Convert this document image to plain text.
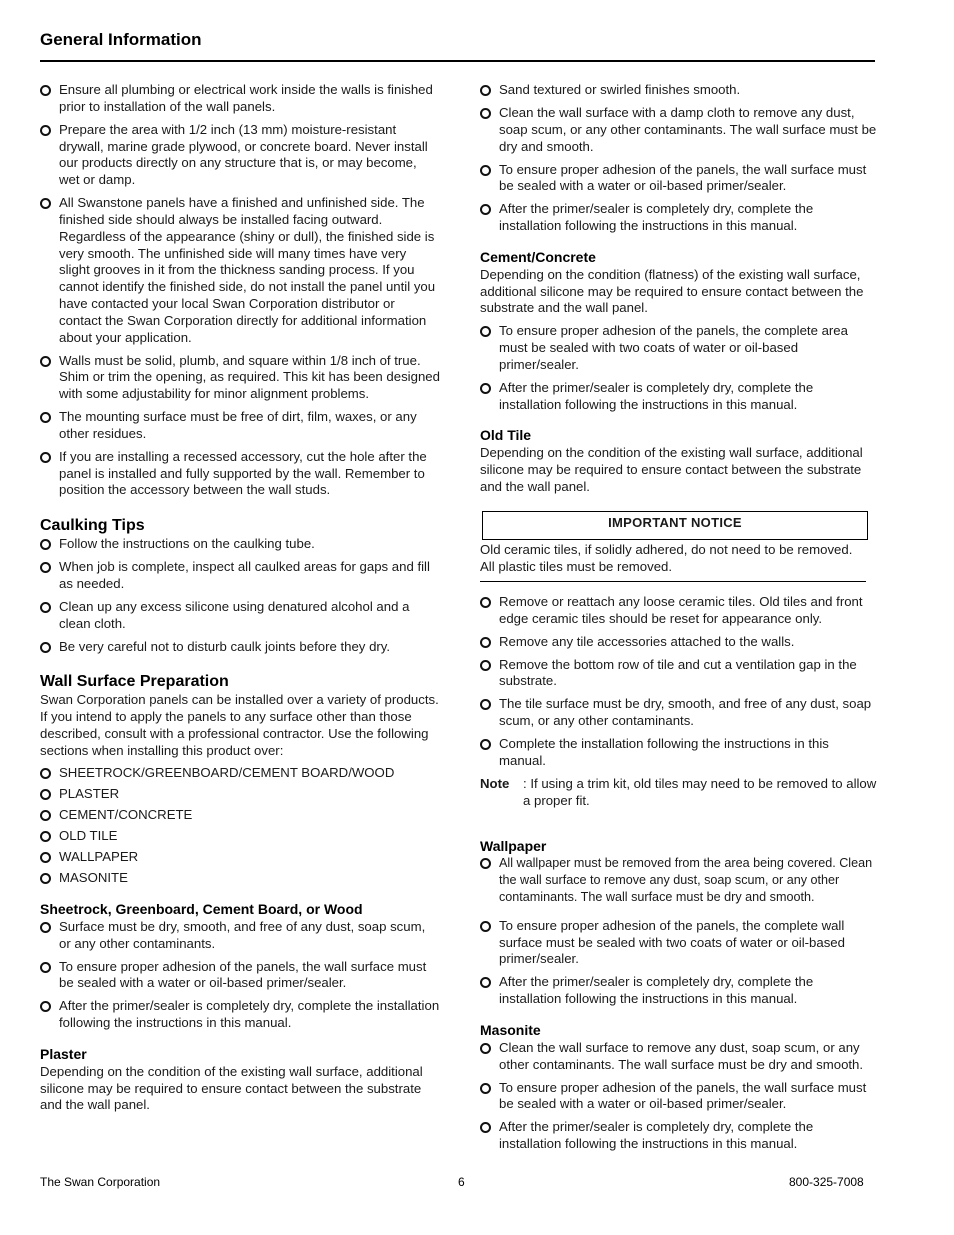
General Information
Ensure all plumbing or electrical work inside the walls is finished prior to installation of the wall panels.
Prepare the area with 1/2 inch (13 mm) moisture-resistant drywall, marine grade plywood, or concrete board. Never install our products directly on any structure that is, or may become, wet or damp.
All Swanstone panels have a finished and unfinished side. The finished side should always be installed facing outward. Regardless of the appearance (shiny or dull), the finished side is very smooth. The unfinished side will many times have very slight grooves in it from the thickness sanding process. If you cannot identify the finished side, do not install the panel until you have contacted your local Swan Corporation distributor or contact the Swan Corporation directly for additional information about your application.
Walls must be solid, plumb, and square within 1/8 inch of true. Shim or trim the opening, as required. This kit has been designed with some adjustability for minor alignment problems.
The mounting surface must be free of dirt, film, waxes, or any other residues.
If you are installing a recessed accessory, cut the hole after the panel is installed and fully supported by the wall. Remember to position the accessory between the wall studs.
Caulking Tips
Follow the instructions on the caulking tube.
When job is complete, inspect all caulked areas for gaps and fill as needed.
Clean up any excess silicone using denatured alcohol and a clean cloth.
Be very careful not to disturb caulk joints before they dry.
Wall Surface Preparation

Swan Corporation panels can be installed over a variety of products. If you intend to apply the panels to any surface other than those described, consult with a professional contractor. Use the following sections when installing this product over:

SHEETROCK/GREENBOARD/CEMENT BOARD/WOOD
PLASTER
CEMENT/CONCRETE
OLD TILE
WALLPAPER
MASONITE
Sheetrock, Greenboard, Cement Board, or Wood
Surface must be dry, smooth, and free of any dust, soap scum, or any other contaminants.
To ensure proper adhesion of the panels, the wall surface must be sealed with a water or oil-based primer/sealer.
After the primer/sealer is completely dry, complete the installation following the instructions in this manual.
Plaster

Depending on the condition of the existing wall surface, additional silicone may be required to ensure contact between the substrate and the wall panel.

Sand textured or swirled finishes smooth.
Clean the wall surface with a damp cloth to remove any dust, soap scum, or any other contaminants. The wall surface must be dry and smooth.
To ensure proper adhesion of the panels, the wall surface must be sealed with a water or oil-based primer/sealer.
After the primer/sealer is completely dry, complete the installation following the instructions in this manual.
Cement/Concrete

Depending on the condition (flatness) of the existing wall surface, additional silicone may be required to ensure contact between the substrate and the wall panel.

To ensure proper adhesion of the panels, the complete area must be sealed with two coats of water or oil-based primer/sealer.
After the primer/sealer is completely dry, complete the installation following the instructions in this manual.
Old Tile

Depending on the condition of the existing wall surface, additional silicone may be required to ensure contact between the substrate and the wall panel.

IMPORTANT NOTICE
Old ceramic tiles, if solidly adhered, do not need to be removed. All plastic tiles must be removed.
Remove or reattach any loose ceramic tiles. Old tiles and front edge ceramic tiles should be reset for appearance only.
Remove any tile accessories attached to the walls.
Remove the bottom row of tile and cut a ventilation gap in the substrate.
The tile surface must be dry, smooth, and free of any dust, soap scum, or any other contaminants.
Complete the installation following the instructions in this manual.
Note	: If using a trim kit, old tiles may need to be removed to allow a proper fit.
Wallpaper
All wallpaper must be removed from the area being covered. Clean the wall surface to remove any dust, soap scum, or any other contaminants. The wall surface must be dry and smooth.
To ensure proper adhesion of the panels, the complete wall surface must be sealed with two coats of water or oil-based primer/sealer.
After the primer/sealer is completely dry, complete the installation following the instructions in this manual.
Masonite
Clean the wall surface to remove any dust, soap scum, or any other contaminants. The wall surface must be dry and smooth.
To ensure proper adhesion of the panels, the wall surface must be sealed with a water or oil-based primer/sealer.
After the primer/sealer is completely dry, complete the installation following the instructions in this manual.
The Swan Corporation	6	800-325-7008
